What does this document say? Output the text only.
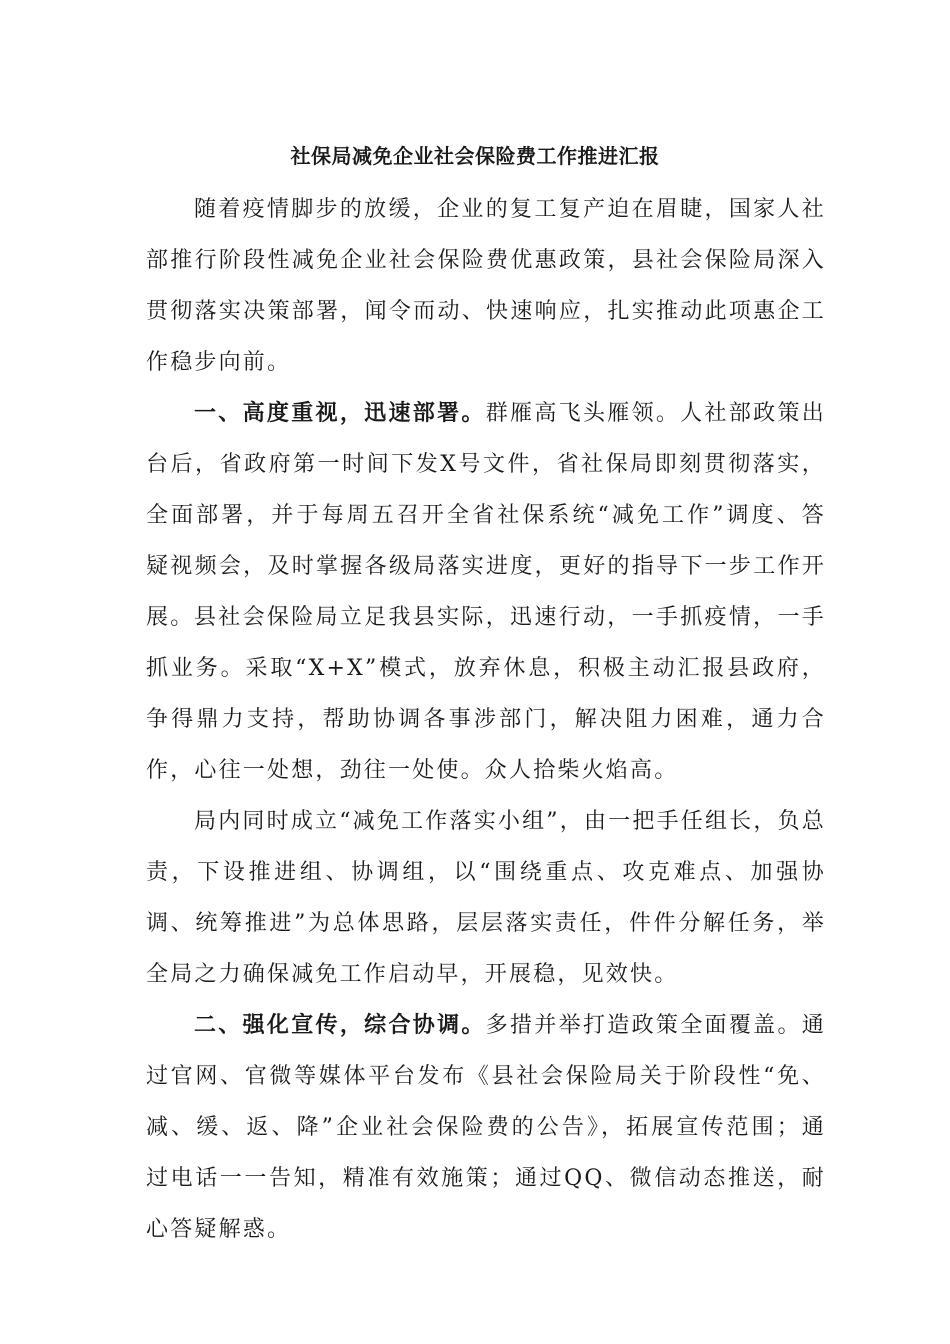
社保局减免企业社会保险费工作推进汇报

随着疫情脚步的放缓，企业的复工复产迫在眉睫，国家人社部推行阶段性减免企业社会保险费优惠政策，县社会保险局深入贯彻落实决策部署，闻令而动、快速响应，扎实推动此项惠企工作稳步向前。

一、高度重视，迅速部署。群雁高飞头雁领。人社部政策出台后，省政府第一时间下发X号文件，省社保局即刻贯彻落实，全面部署，并于每周五召开全省社保系统“减免工作”调度、答疑视频会，及时掌握各级局落实进度，更好的指导下一步工作开展。 县社会保险局立足我县实际，迅速行动，一手抓疫情，一手抓业务。采取“X+X”模式，放弃休息，积极主动汇报县政府，争得鼎力支持，帮助协调各事涉部门，解决阻力困难，通力合作，心往一处想，劲往一处使。众人拾柴火焰高。

局内同时成立“减免工作落实小组”，由一把手任组长，负总责，下设推进组、协调组，以“围绕重点、攻克难点、加强协调、统筹推进”为总体思路，层层落实责任，件件分解任务，举全局之力确保减免工作启动早，开展稳，见效快。

二、强化宣传，综合协调。多措并举打造政策全面覆盖。通过官网、官微等媒体平台发布《县社会保险局关于阶段性“免、减、缓、返、降”企业社会保险费的公告》，拓展宣传范围；通过电话一一告知，精准有效施策；通过QQ、微信动态推送，耐心答疑解惑。
